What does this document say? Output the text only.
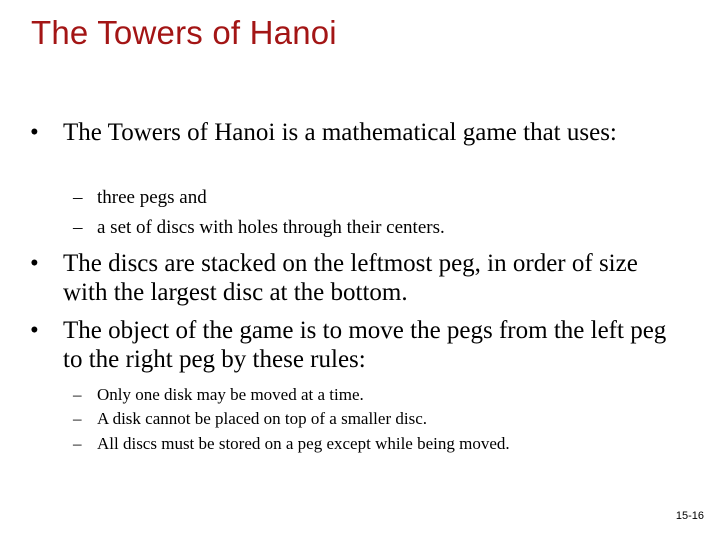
The Towers of Hanoi
• The Towers of Hanoi is a mathematical game that uses:
– three pegs and
– a set of discs with holes through their centers.
• The discs are stacked on the leftmost peg, in order of size with the largest disc at the bottom.
• The object of the game is to move the pegs from the left peg to the right peg by these rules:
– Only one disk may be moved at a time.
– A disk cannot be placed on top of a smaller disc.
– All discs must be stored on a peg except while being moved.
15-16
